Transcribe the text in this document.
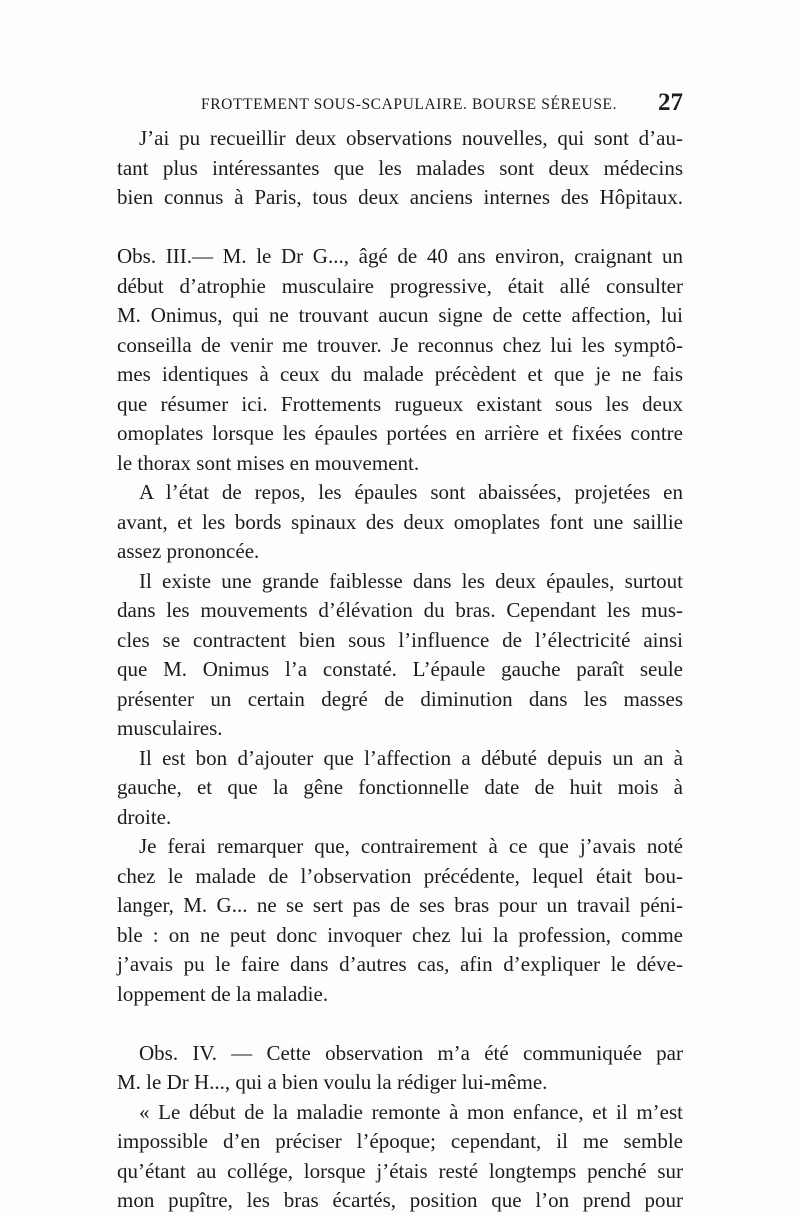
FROTTEMENT SOUS-SCAPULAIRE. BOURSE SÉREUSE. 27
J’ai pu recueillir deux observations nouvelles, qui sont d’au-
tant plus intéressantes que les malades sont deux médecins
bien connus à Paris, tous deux anciens internes des Hôpitaux.
Obs. III.— M. le Dr G..., âgé de 40 ans environ, craignant un
début d’atrophie musculaire progressive, était allé consulter
M. Onimus, qui ne trouvant aucun signe de cette affection, lui
conseilla de venir me trouver. Je reconnus chez lui les symptô-
mes identiques à ceux du malade précèdent et que je ne fais
que résumer ici. Frottements rugueux existant sous les deux
omoplates lorsque les épaules portées en arrière et fixées contre
le thorax sont mises en mouvement.
A l’état de repos, les épaules sont abaissées, projetées en
avant, et les bords spinaux des deux omoplates font une saillie
assez prononcée.
Il existe une grande faiblesse dans les deux épaules, surtout
dans les mouvements d’élévation du bras. Cependant les mus-
cles se contractent bien sous l’influence de l’électricité ainsi
que M. Onimus l’a constaté. L’épaule gauche paraît seule
présenter un certain degré de diminution dans les masses
musculaires.
Il est bon d’ajouter que l’affection a débuté depuis un an à
gauche, et que la gêne fonctionnelle date de huit mois à
droite.
Je ferai remarquer que, contrairement à ce que j’avais noté
chez le malade de l’observation précédente, lequel était bou-
langer, M. G... ne se sert pas de ses bras pour un travail péni-
ble : on ne peut donc invoquer chez lui la profession, comme
j’avais pu le faire dans d’autres cas, afin d’expliquer le déve-
loppement de la maladie.
Obs. IV. — Cette observation m’a été communiquée par
M. le Dr H..., qui a bien voulu la rédiger lui-même.
« Le début de la maladie remonte à mon enfance, et il m’est
impossible d’en préciser l’époque; cependant, il me semble
qu’étant au collége, lorsque j’étais resté longtemps penché sur
mon pupître, les bras écartés, position que l’on prend pour
